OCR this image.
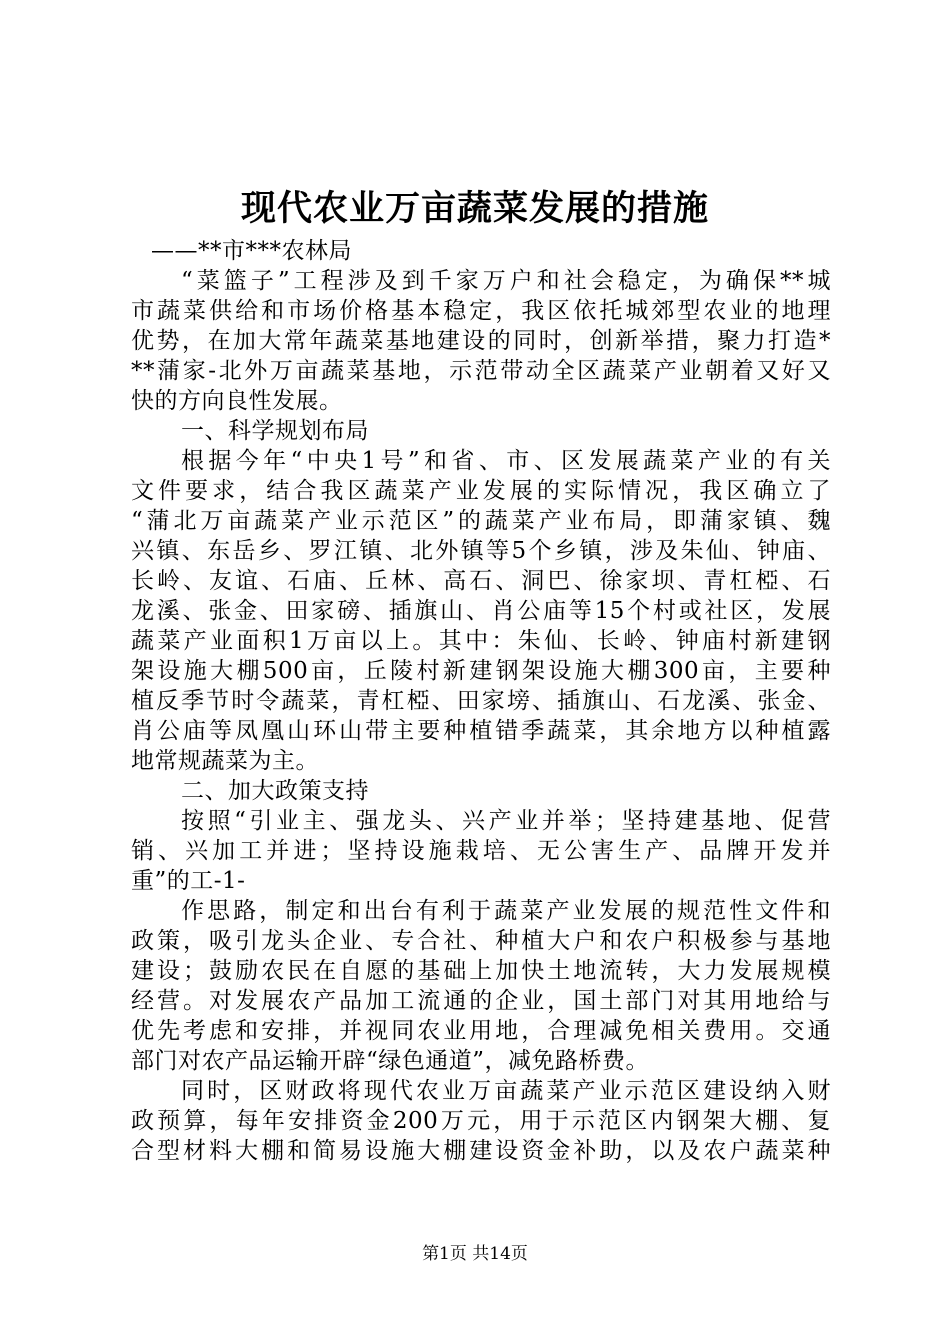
现代农业万亩蔬菜发展的措施
——**市***农林局
“菜篮子”工程涉及到千家万户和社会稳定，为确保**城
市蔬菜供给和市场价格基本稳定，我区依托城郊型农业的地理
优势，在加大常年蔬菜基地建设的同时，创新举措，聚力打造*
**蒲家-北外万亩蔬菜基地，示范带动全区蔬菜产业朝着又好又
快的方向良性发展。
一、科学规划布局
根据今年“中央1号”和省、市、区发展蔬菜产业的有关
文件要求，结合我区蔬菜产业发展的实际情况，我区确立了
“蒲北万亩蔬菜产业示范区”的蔬菜产业布局，即蒲家镇、魏
兴镇、东岳乡、罗江镇、北外镇等5个乡镇，涉及朱仙、钟庙、
长岭、友谊、石庙、丘林、高石、洞巴、徐家坝、青杠椏、石
龙溪、张金、田家磅、插旗山、肖公庙等15个村或社区，发展
蔬菜产业面积1万亩以上。其中：朱仙、长岭、钟庙村新建钢
架设施大棚500亩，丘陵村新建钢架设施大棚300亩，主要种
植反季节时令蔬菜，青杠椏、田家塝、插旗山、石龙溪、张金、
肖公庙等凤凰山环山带主要种植错季蔬菜，其余地方以种植露
地常规蔬菜为主。
二、加大政策支持
按照“引业主、强龙头、兴产业并举；坚持建基地、促营
销、兴加工并进；坚持设施栽培、无公害生产、品牌开发并
重”的工-1-
作思路，制定和出台有利于蔬菜产业发展的规范性文件和
政策，吸引龙头企业、专合社、种植大户和农户积极参与基地
建设；鼓励农民在自愿的基础上加快土地流转，大力发展规模
经营。对发展农产品加工流通的企业，国土部门对其用地给与
优先考虑和安排，并视同农业用地，合理减免相关费用。交通
部门对农产品运输开辟“绿色通道”，减免路桥费。
同时，区财政将现代农业万亩蔬菜产业示范区建设纳入财
政预算，每年安排资金200万元，用于示范区内钢架大棚、复
合型材料大棚和简易设施大棚建设资金补助，以及农户蔬菜种
第1页 共14页
